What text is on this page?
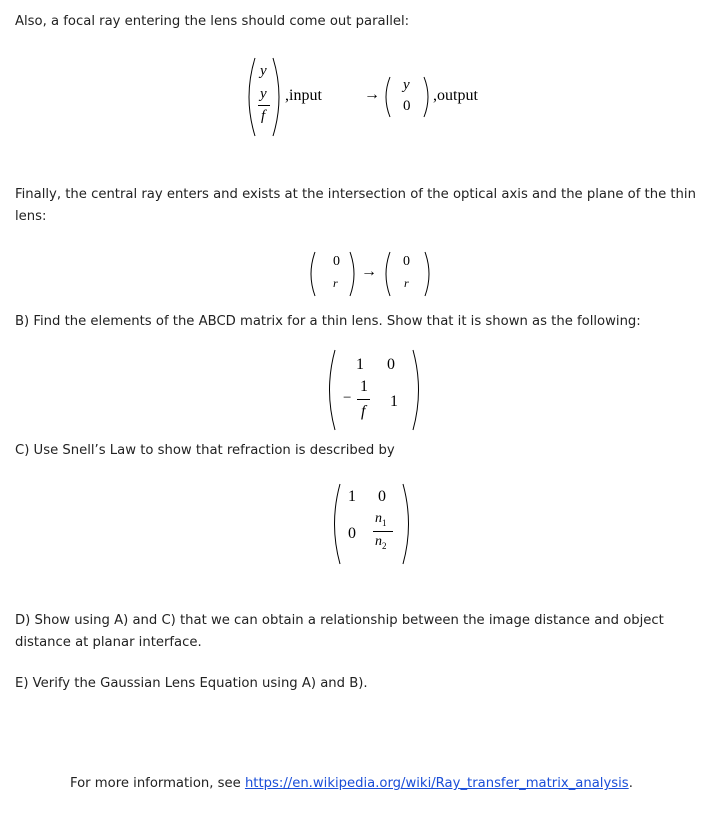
Also, a focal ray entering the lens should come out parallel:

y
y
f
,input	→
y
0
,output

Finally, the central ray enters and exists at the intersection of the optical axis and the plane of the thin lens:

0
r
→
0
r

B) Find the elements of the ABCD matrix for a thin lens. Show that it is shown as the following:

1 0
−
1
f
1

C) Use Snell’s Law to show that refraction is described by

1 0
0
$n_1$
$n_2$

D) Show using A) and C) that we can obtain a relationship between the image distance and object distance at planar interface.

E) Verify the Gaussian Lens Equation using A) and B).

For more information, see https://en.wikipedia.org/wiki/Ray_transfer_matrix_analysis.
